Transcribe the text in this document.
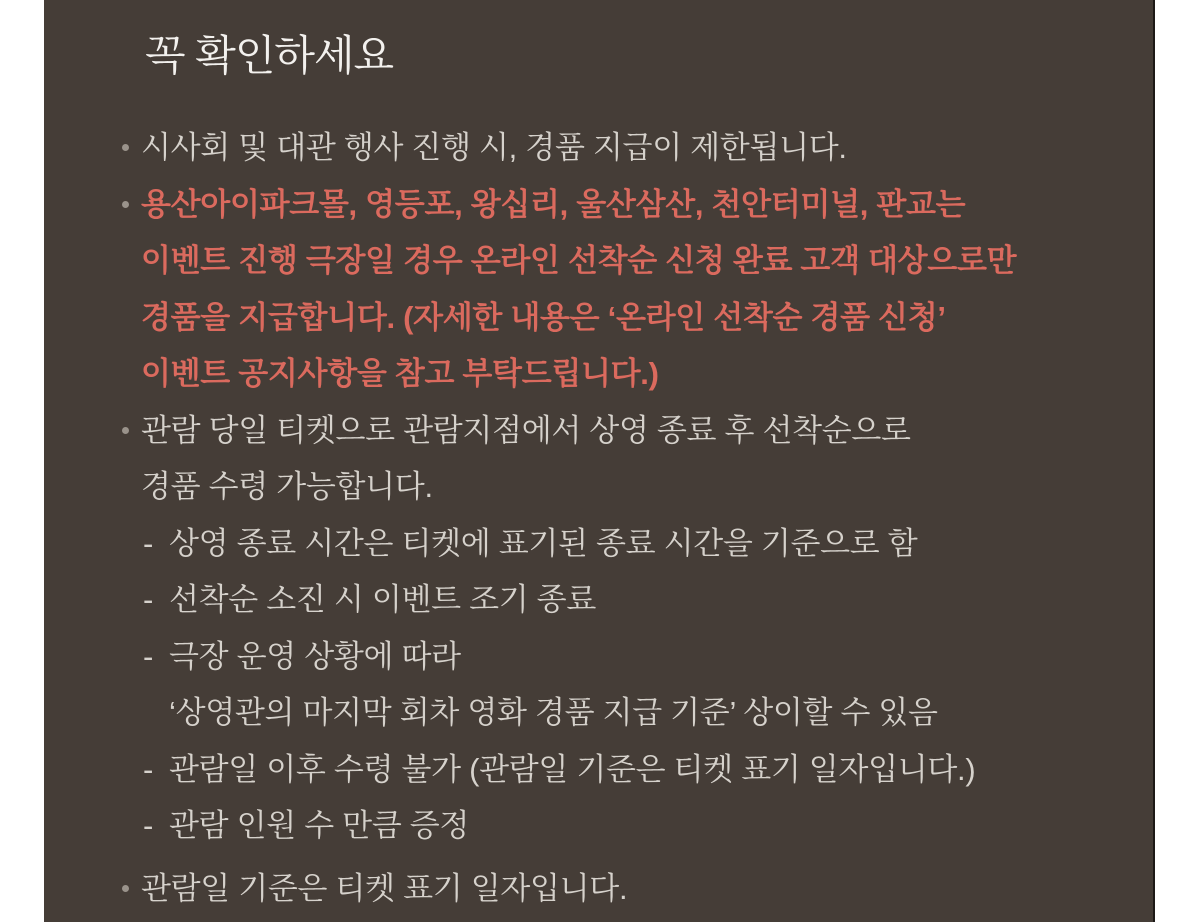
꼭 확인하세요
시사회 및 대관 행사 진행 시, 경품 지급이 제한됩니다.
용산아이파크몰, 영등포, 왕십리, 울산삼산, 천안터미널, 판교는
이벤트 진행 극장일 경우 온라인 선착순 신청 완료 고객 대상으로만
경품을 지급합니다. (자세한 내용은 ‘온라인 선착순 경품 신청’
이벤트 공지사항을 참고 부탁드립니다.)
관람 당일 티켓으로 관람지점에서 상영 종료 후 선착순으로
경품 수령 가능합니다.
- 상영 종료 시간은 티켓에 표기된 종료 시간을 기준으로 함
- 선착순 소진 시 이벤트 조기 종료
- 극장 운영 상황에 따라
‘상영관의 마지막 회차 영화 경품 지급 기준’ 상이할 수 있음
- 관람일 이후 수령 불가 (관람일 기준은 티켓 표기 일자입니다.)
- 관람 인원 수 만큼 증정
관람일 기준은 티켓 표기 일자입니다.
